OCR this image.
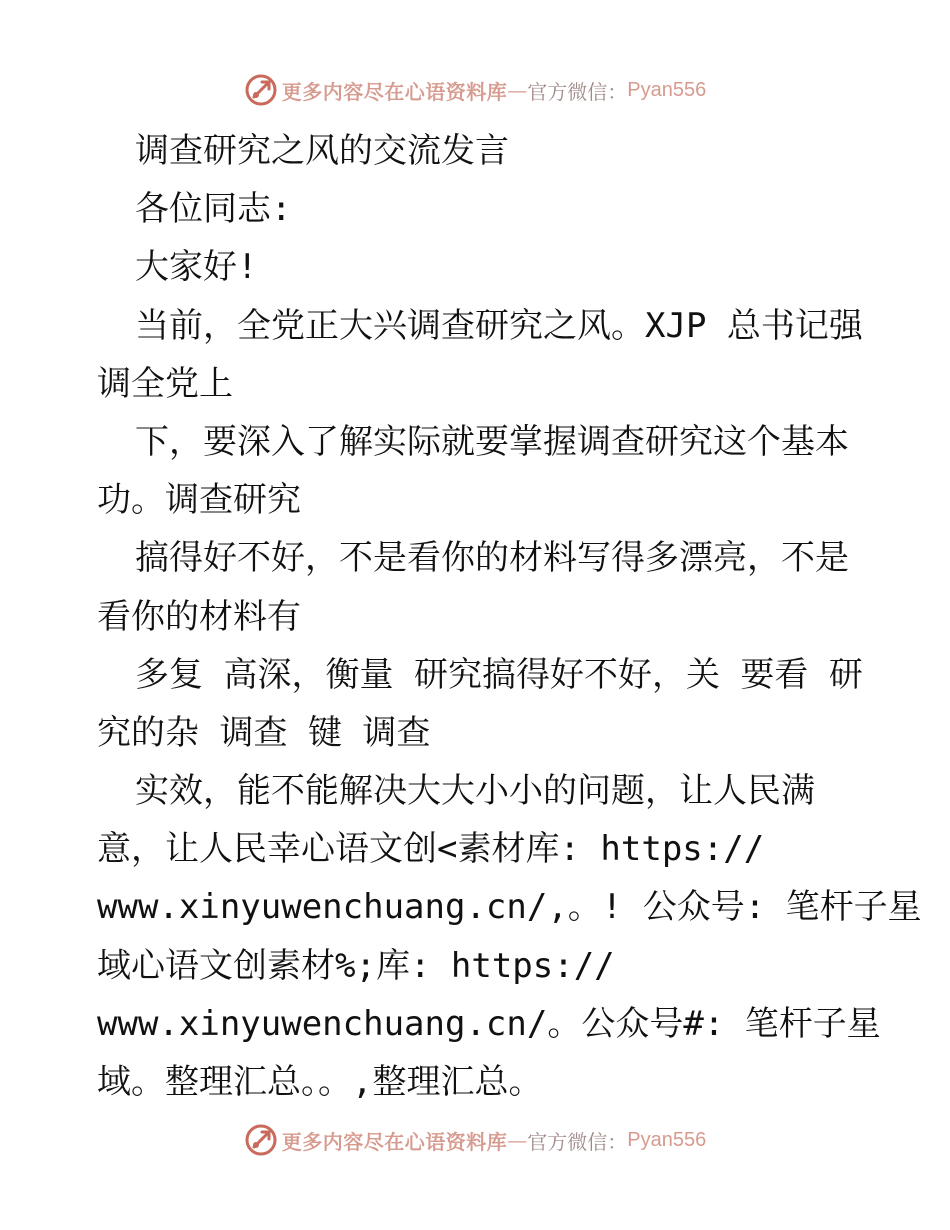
更多内容尽在心语资料库 — 官方微信： Pyan556
调查研究之风的交流发言
各位同志:
大家好!
当前，全党正大兴调查研究之风。XJP 总书记强
调全党上
下，要深入了解实际就要掌握调查研究这个基本
功。调查研究
搞得好不好，不是看你的材料写得多漂亮，不是
看你的材料有
多复 高深，衡量 研究搞得好不好，关 要看 研
究的杂 调查 键 调查
实效，能不能解决大大小小的问题，让人民满
意，让人民幸心语文创<素材库: https://
www.xinyuwenchuang.cn/,。! 公众号: 笔杆子星
域心语文创素材%;库: https://
www.xinyuwenchuang.cn/。公众号#: 笔杆子星
域。整理汇总。。,整理汇总。
更多内容尽在心语资料库 — 官方微信： Pyan556
